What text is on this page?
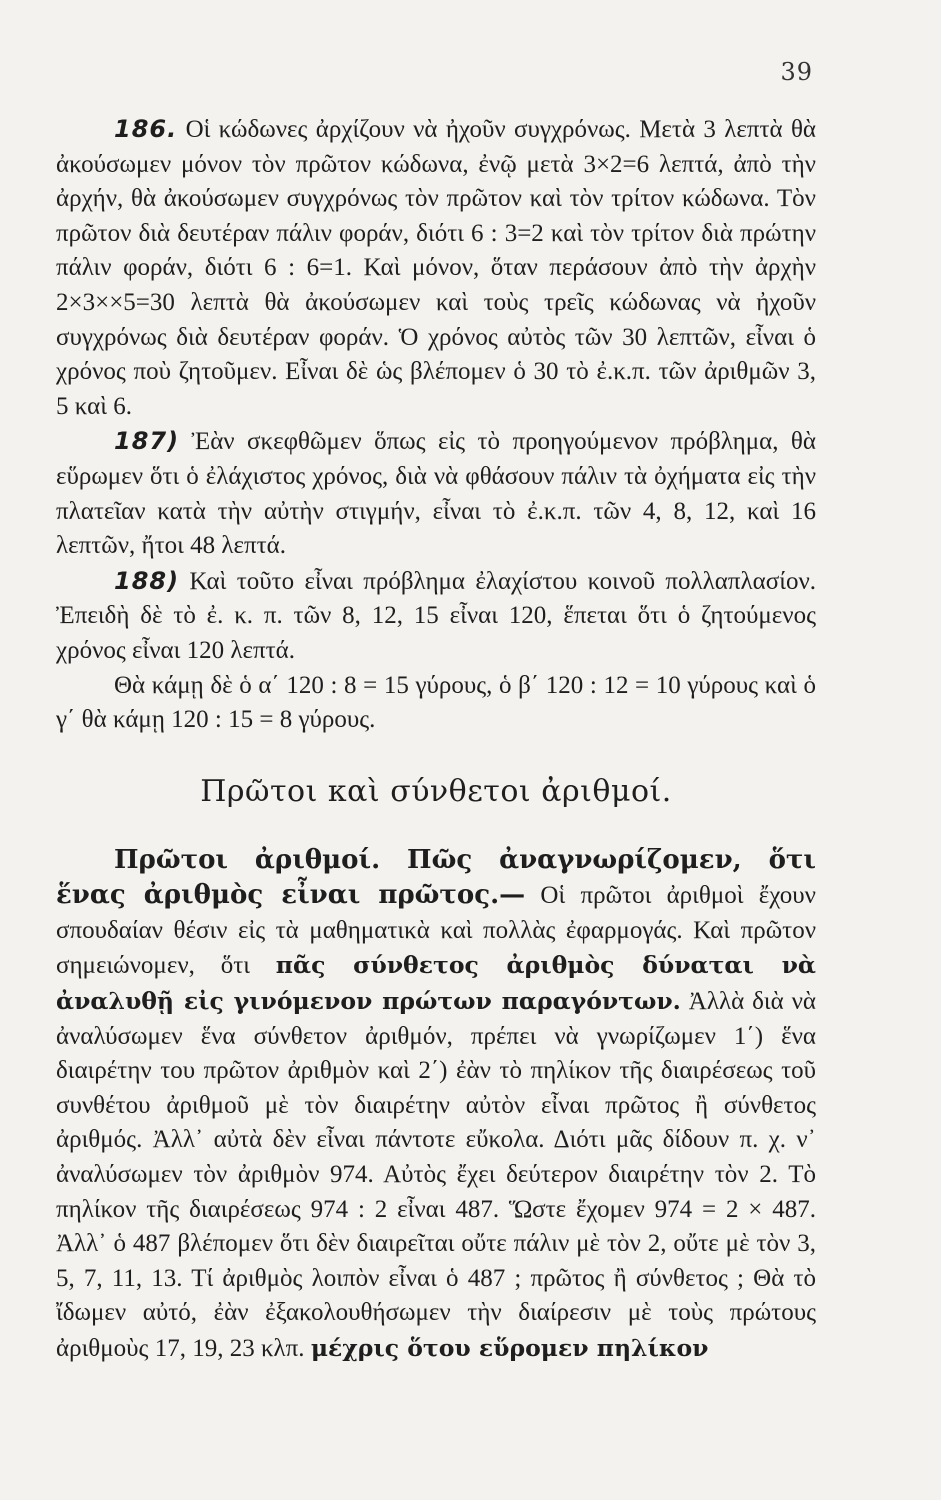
39

186. Οἱ κώδωνες ἀρχίζουν νὰ ἠχοῦν συγχρόνως. Μετὰ 3 λεπτὰ θὰ ἀκούσωμεν μόνον τὸν πρῶτον κώδωνα, ἐνῷ μετὰ 3×2=6 λεπτά, ἀπὸ τὴν ἀρχήν, θὰ ἀκούσωμεν συγχρόνως τὸν πρῶτον καὶ τὸν τρίτον κώδωνα. Τὸν πρῶτον διὰ δευτέραν πάλιν φοράν, διότι 6 : 3=2 καὶ τὸν τρίτον διὰ πρώτην πάλιν φοράν, διότι 6 : 6=1. Καὶ μόνον, ὅταν περάσουν ἀπὸ τὴν ἀρχὴν 2×3××5=30 λεπτὰ θὰ ἀκούσωμεν καὶ τοὺς τρεῖς κώδωνας νὰ ἠχοῦν συγχρόνως διὰ δευτέραν φοράν. Ὁ χρόνος αὐτὸς τῶν 30 λεπτῶν, εἶναι ὁ χρόνος ποὺ ζητοῦμεν. Εἶναι δὲ ὡς βλέπομεν ὁ 30 τὸ ἐ.κ.π. τῶν ἀριθμῶν 3, 5 καὶ 6.

187) Ἐὰν σκεφθῶμεν ὅπως εἰς τὸ προηγούμενον πρόβλημα, θὰ εὕρωμεν ὅτι ὁ ἐλάχιστος χρόνος, διὰ νὰ φθάσουν πάλιν τὰ ὀχήματα εἰς τὴν πλατεῖαν κατὰ τὴν αὐτὴν στιγμήν, εἶναι τὸ ἐ.κ.π. τῶν 4, 8, 12, καὶ 16 λεπτῶν, ἤτοι 48 λεπτά.

188) Καὶ τοῦτο εἶναι πρόβλημα ἐλαχίστου κοινοῦ πολλαπλασίον. Ἐπειδὴ δὲ τὸ ἐ. κ. π. τῶν 8, 12, 15 εἶναι 120, ἕπεται ὅτι ὁ ζητούμενος χρόνος εἶναι 120 λεπτά.

Θὰ κάμῃ δὲ ὁ α΄ 120 : 8 = 15 γύρους, ὁ β΄ 120 : 12 = 10 γύρους καὶ ὁ γ΄ θὰ κάμῃ 120 : 15 = 8 γύρους.

Πρῶτοι καὶ σύνθετοι ἀριθμοί.

Πρῶτοι ἀριθμοί. Πῶς ἀναγνωρίζομεν, ὅτι ἕνας ἀριθμὸς εἶναι πρῶτος.— Οἱ πρῶτοι ἀριθμοὶ ἔχουν σπουδαίαν θέσιν εἰς τὰ μαθηματικὰ καὶ πολλὰς ἐφαρμογάς. Καὶ πρῶτον σημειώνομεν, ὅτι πᾶς σύνθετος ἀριθμὸς δύναται νὰ ἀναλυθῇ εἰς γινόμενον πρώτων παραγόντων. Ἀλλὰ διὰ νὰ ἀναλύσωμεν ἕνα σύνθετον ἀριθμόν, πρέπει νὰ γνωρίζωμεν 1΄) ἕνα διαιρέτην του πρῶτον ἀριθμὸν καὶ 2΄) ἐὰν τὸ πηλίκον τῆς διαιρέσεως τοῦ συνθέτου ἀριθμοῦ μὲ τὸν διαιρέτην αὐτὸν εἶναι πρῶτος ἢ σύνθετος ἀριθμός. Ἀλλ᾽ αὐτὰ δὲν εἶναι πάντοτε εὔκολα. Διότι μᾶς δίδουν π. χ. ν᾽ ἀναλύσωμεν τὸν ἀριθμὸν 974. Αὐτὸς ἔχει δεύτερον διαιρέτην τὸν 2. Τὸ πηλίκον τῆς διαιρέσεως 974 : 2 εἶναι 487. Ὥστε ἔχομεν 974 = 2 × 487. Ἀλλ᾽ ὁ 487 βλέπομεν ὅτι δὲν διαιρεῖται οὔτε πάλιν μὲ τὸν 2, οὔτε μὲ τὸν 3, 5, 7, 11, 13. Τί ἀριθμὸς λοιπὸν εἶναι ὁ 487 ; πρῶτος ἢ σύνθετος ; Θὰ τὸ ἴδωμεν αὐτό, ἐὰν ἐξακολουθήσωμεν τὴν διαίρεσιν μὲ τοὺς πρώτους ἀριθμοὺς 17, 19, 23 κλπ. μέχρις ὅτου εὕρομεν πηλίκον
